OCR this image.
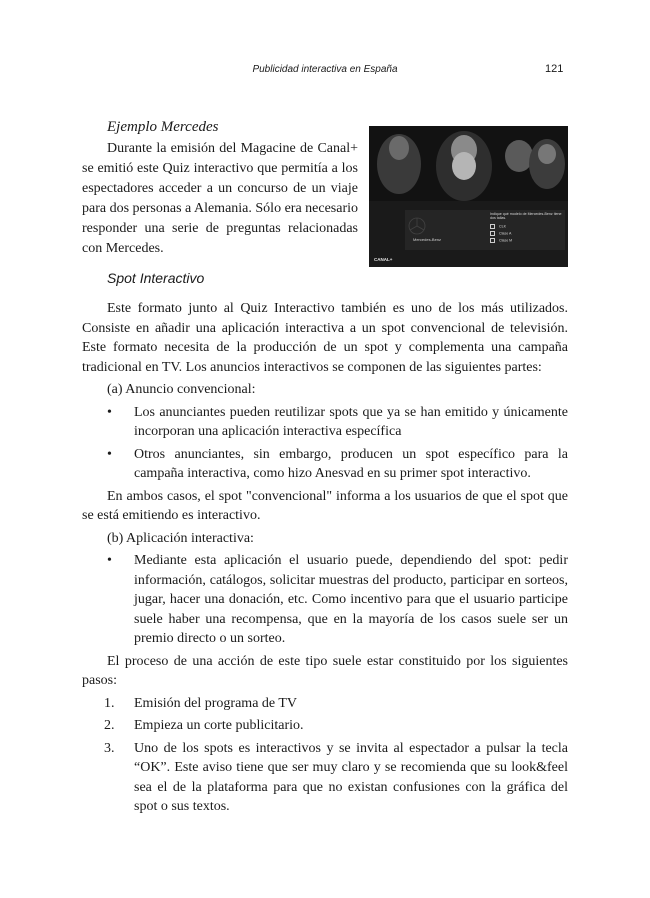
Publicidad interactiva en España	121
Ejemplo Mercedes

Durante la emisión del Magacine de Canal+ se emitió este Quiz interactivo que permitía a los espectadores acceder a un concurso de un viaje para dos personas a Alemania. Sólo era necesario responder una serie de preguntas relacionadas con Mercedes.

Mercedes-Benz
Indique qué modelo de Mercedes-Benz tiene dos tallas.
CLK
Clase A
Clase M
CANAL+
Spot Interactivo

Este formato junto al Quiz Interactivo también es uno de los más utilizados. Consiste en añadir una aplicación interactiva a un spot convencional de televisión. Este formato necesita de la producción de un spot y complementa una campaña tradicional en TV. Los anuncios interactivos se componen de las siguientes partes:

(a) Anuncio convencional:

• Los anunciantes pueden reutilizar spots que ya se han emitido y únicamente incorporan una aplicación interactiva específica

• Otros anunciantes, sin embargo, producen un spot específico para la campaña interactiva, como hizo Anesvad en su primer spot interactivo.

En ambos casos, el spot "convencional" informa a los usuarios de que el spot que se está emitiendo es interactivo.

(b) Aplicación interactiva:

• Mediante esta aplicación el usuario puede, dependiendo del spot: pedir información, catálogos, solicitar muestras del producto, participar en sorteos, jugar, hacer una donación, etc. Como incentivo para que el usuario participe suele haber una recompensa, que en la mayoría de los casos suele ser un premio directo o un sorteo.

El proceso de una acción de este tipo suele estar constituido por los siguientes pasos:

1. Emisión del programa de TV

2. Empieza un corte publicitario.

3. Uno de los spots es interactivos y se invita al espectador a pulsar la tecla “OK”. Este aviso tiene que ser muy claro y se recomienda que su look&feel sea el de la plataforma para que no existan confusiones con la gráfica del spot o sus textos.
